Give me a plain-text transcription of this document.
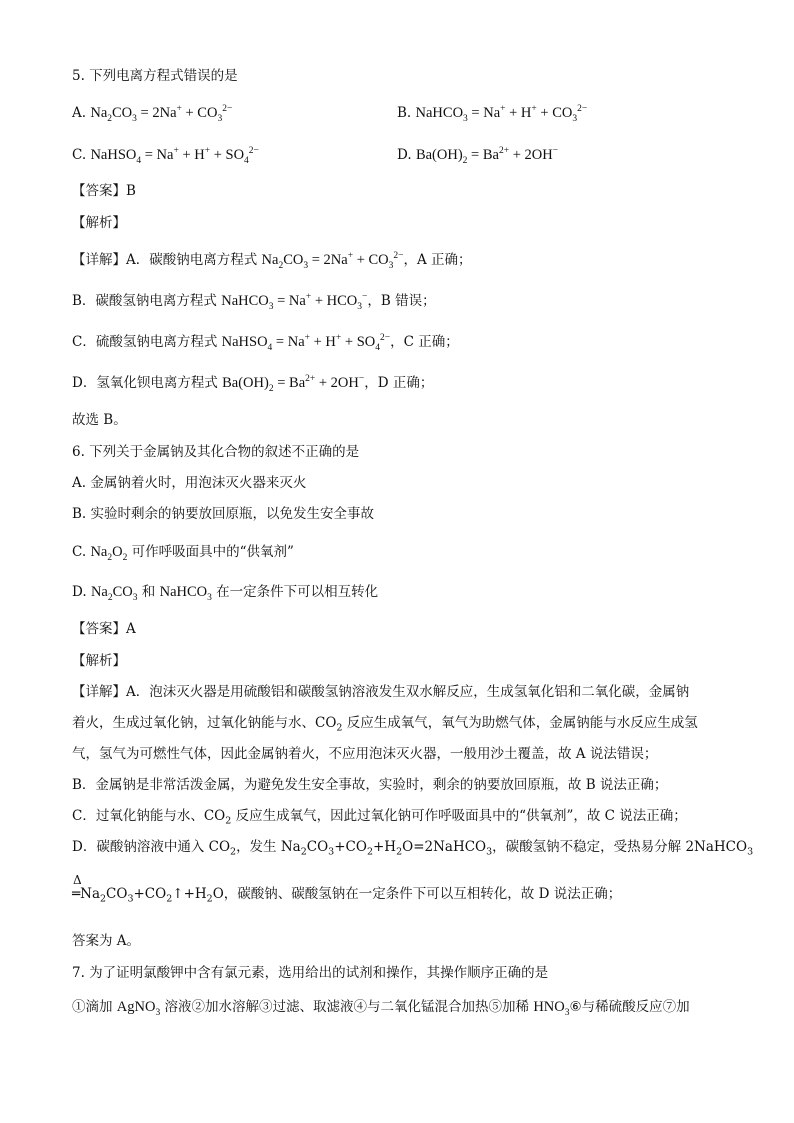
5. 下列电离方程式错误的是
A. $Na_2CO_3 = 2Na^+ + CO_3^{2-}$	B. NaHCO$_3$ = $Na^+ + H^+ + CO_3^{2-}$
C. NaHSO$_4$ = $Na^+ + H^+ + SO_4^{2-}$	D. $Ba(OH)_2 = Ba^{2+} + 2OH^-$
【答案】B
【解析】
【详解】A．碳酸钠电离方程式 $Na_2CO_3 = 2Na^+ + CO_3^{2-}$，A 正确；
B．碳酸氢钠电离方程式 NaHCO$_3$ = $Na^+ + HCO_3^-$，B 错误；
C．硫酸氢钠电离方程式 NaHSO$_4$ = $Na^+ + H^+ + SO_4^{2-}$，C 正确；
D．氢氧化钡电离方程式 $Ba(OH)_2 = Ba^{2+} + 2OH^-$，D 正确；
故选 B。
6. 下列关于金属钠及其化合物的叙述不正确的是
A. 金属钠着火时，用泡沫灭火器来灭火
B. 实验时剩余的钠要放回原瓶，以免发生安全事故
C. $Na_2O_2$ 可作呼吸面具中的“供氧剂”
D. $Na_2CO_3$ 和 NaHCO$_3$ 在一定条件下可以相互转化
【答案】A
【解析】
【详解】A．泡沫灭火器是用硫酸铝和碳酸氢钠溶液发生双水解反应，生成氢氧化铝和二氧化碳，金属钠
着火，生成过氧化钠，过氧化钠能与水、$CO_2$ 反应生成氧气，氧气为助燃气体，金属钠能与水反应生成氢
气，氢气为可燃性气体，因此金属钠着火，不应用泡沫灭火器，一般用沙土覆盖，故 A 说法错误；
B．金属钠是非常活泼金属，为避免发生安全事故，实验时，剩余的钠要放回原瓶，故 B 说法正确；
C．过氧化钠能与水、$CO_2$ 反应生成氧气，因此过氧化钠可作呼吸面具中的“供氧剂”，故 C 说法正确；
D．碳酸钠溶液中通入 $CO_2$，发生 $Na_2CO_3+CO_2+H_2O=2NaHCO_3$，碳酸氢钠不稳定，受热易分解 2NaHCO$_3$
Δ
$═Na_2CO_3+CO_2↑+H_2O$，碳酸钠、碳酸氢钠在一定条件下可以互相转化，故 D 说法正确；
答案为 A。
7. 为了证明氯酸钾中含有氯元素，选用给出的试剂和操作，其操作顺序正确的是
①滴加 AgNO$_3$ 溶液②加水溶解③过滤、取滤液④与二氧化锰混合加热⑤加稀 $HNO_3⑥$与稀硫酸反应⑦加
